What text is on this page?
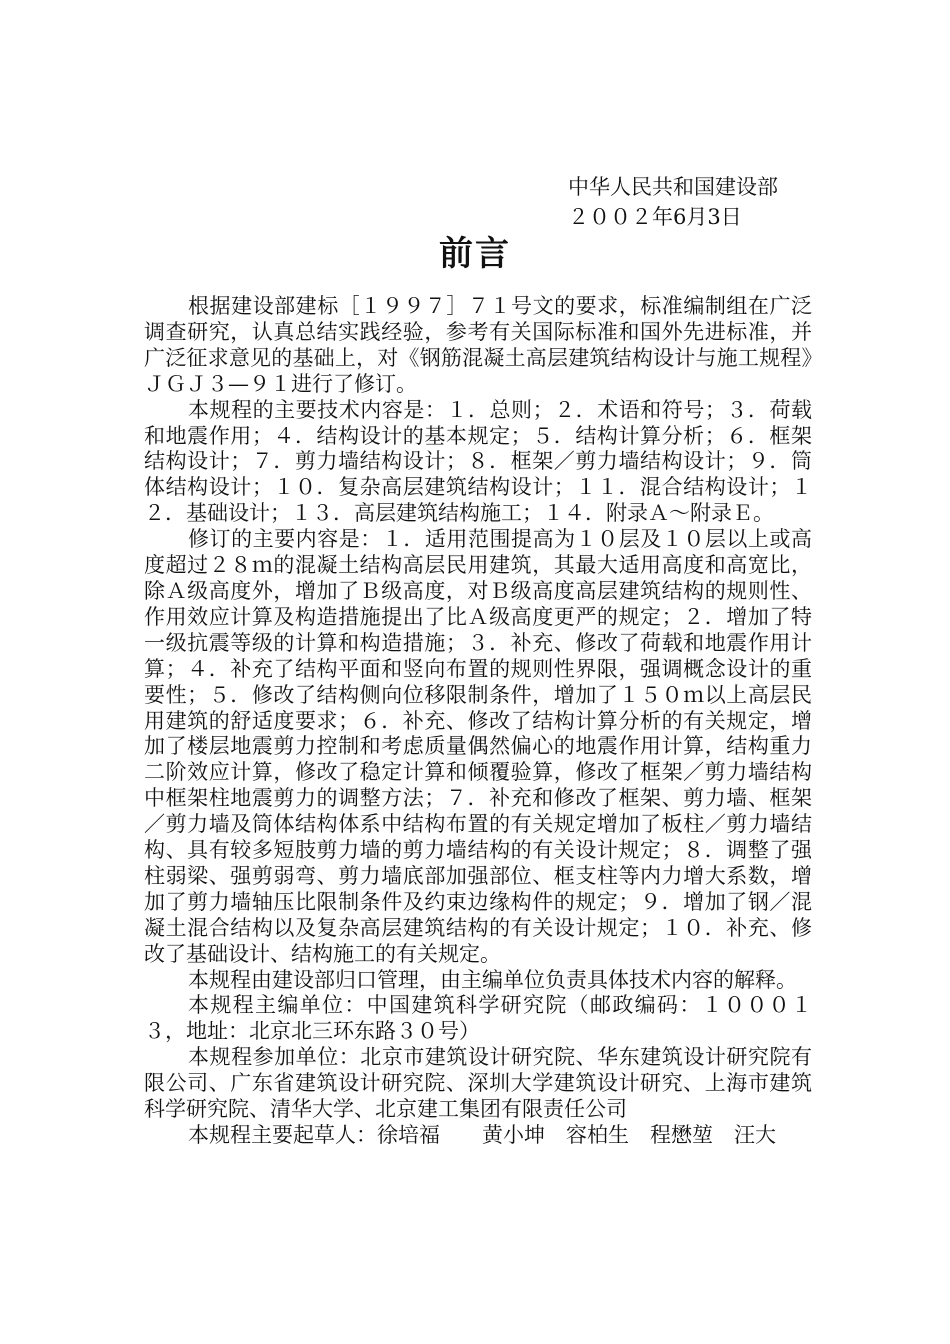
中华人民共和国建设部
２００２年6月3日
前言

根据建设部建标［１９９７］７１号文的要求，标准编制组在广泛调查研究，认真总结实践经验，参考有关国际标准和国外先进标准，并广泛征求意见的基础上，对《钢筋混凝土高层建筑结构设计与施工规程》ＪＧＪ３—９１进行了修订。

本规程的主要技术内容是：１．总则；２．术语和符号；３．荷载和地震作用；４．结构设计的基本规定；５．结构计算分析；６．框架结构设计；７．剪力墙结构设计；８．框架／剪力墙结构设计；９．筒体结构设计；１０．复杂高层建筑结构设计；１１．混合结构设计；１２．基础设计；１３．高层建筑结构施工；１４．附录Ａ～附录Ｅ。

修订的主要内容是：１．适用范围提高为１０层及１０层以上或高度超过２８ｍ的混凝土结构高层民用建筑，其最大适用高度和高宽比，除Ａ级高度外，增加了Ｂ级高度，对Ｂ级高度高层建筑结构的规则性、作用效应计算及构造措施提出了比Ａ级高度更严的规定；２．增加了特一级抗震等级的计算和构造措施；３．补充、修改了荷载和地震作用计算；４．补充了结构平面和竖向布置的规则性界限，强调概念设计的重要性；５．修改了结构侧向位移限制条件，增加了１５０ｍ以上高层民用建筑的舒适度要求；６．补充、修改了结构计算分析的有关规定，增加了楼层地震剪力控制和考虑质量偶然偏心的地震作用计算，结构重力二阶效应计算，修改了稳定计算和倾覆验算，修改了框架／剪力墙结构中框架柱地震剪力的调整方法；７．补充和修改了框架、剪力墙、框架／剪力墙及筒体结构体系中结构布置的有关规定增加了板柱／剪力墙结构、具有较多短肢剪力墙的剪力墙结构的有关设计规定；８．调整了强柱弱梁、强剪弱弯、剪力墙底部加强部位、框支柱等内力增大系数，增加了剪力墙轴压比限制条件及约束边缘构件的规定；９．增加了钢／混凝土混合结构以及复杂高层建筑结构的有关设计规定；１０．补充、修改了基础设计、结构施工的有关规定。

本规程由建设部归口管理，由主编单位负责具体技术内容的解释。

本规程主编单位：中国建筑科学研究院（邮政编码：１０００１３，地址：北京北三环东路３０号）

本规程参加单位：北京市建筑设计研究院、华东建筑设计研究院有限公司、广东省建筑设计研究院、深圳大学建筑设计研究、上海市建筑科学研究院、清华大学、北京建工集团有限责任公司

本规程主要起草人：徐培福　　黄小坤　容柏生　程懋堃　汪大
